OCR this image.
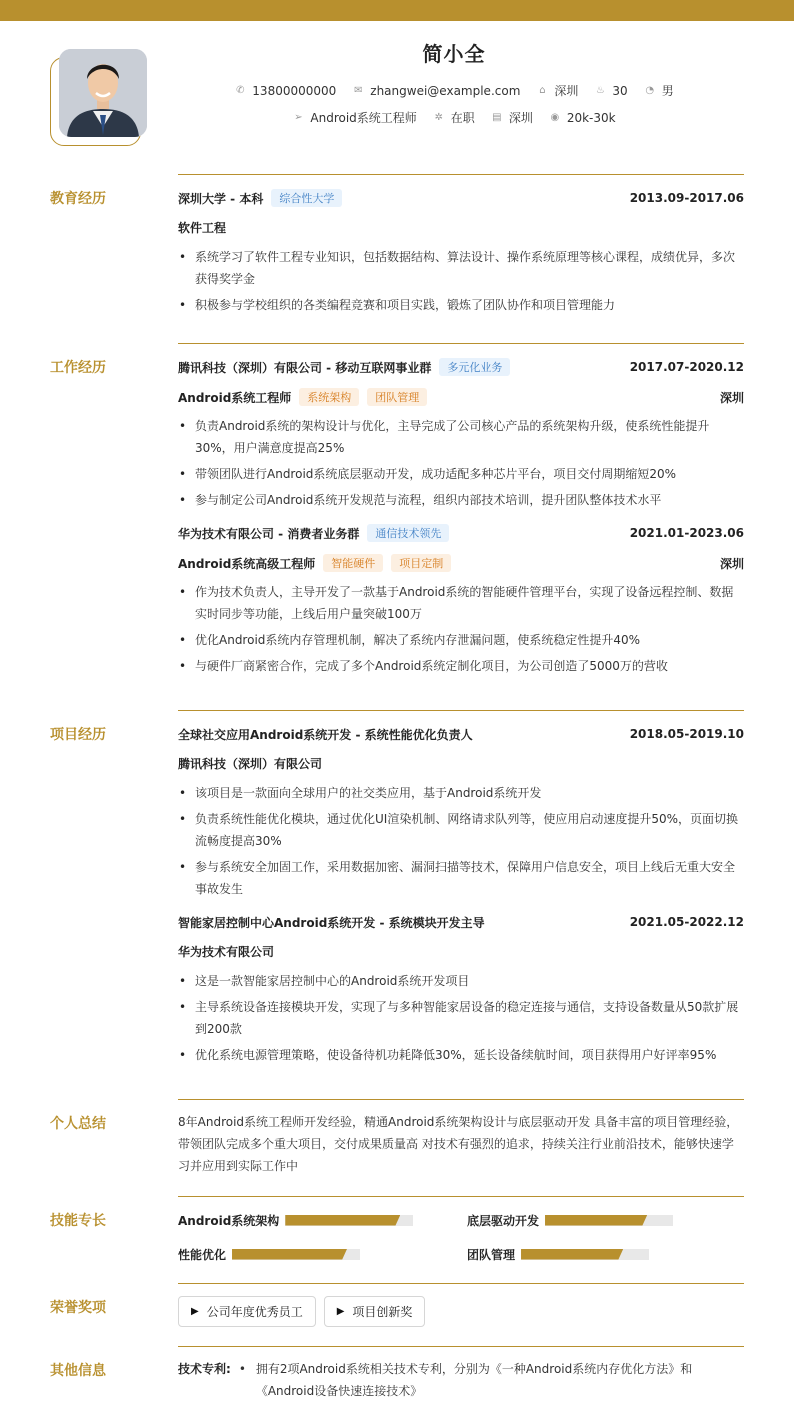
简小全
✆ 13800000000 ✉ zhangwei@example.com ⌂ 深圳 ♨ 30 ◔ 男
➢ Android系统工程师 ✲ 在职 ▤ 深圳 ◉ 20k-30k
教育经历	深圳大学 - 本科	综合性大学	2013.09-2017.06
软件工程
• 系统学习了软件工程专业知识，包括数据结构、算法设计、操作系统原理等核心课程，成绩优异，多次获得奖学金
• 积极参与学校组织的各类编程竞赛和项目实践，锻炼了团队协作和项目管理能力
工作经历	腾讯科技（深圳）有限公司 - 移动互联网事业群	多元化业务	2017.07-2020.12
Android系统工程师	系统架构	团队管理	深圳
• 负责Android系统的架构设计与优化，主导完成了公司核心产品的系统架构升级，使系统性能提升30%，用户满意度提高25%
• 带领团队进行Android系统底层驱动开发，成功适配多种芯片平台，项目交付周期缩短20%
• 参与制定公司Android系统开发规范与流程，组织内部技术培训，提升团队整体技术水平
华为技术有限公司 - 消费者业务群	通信技术领先	2021.01-2023.06
Android系统高级工程师	智能硬件	项目定制	深圳
• 作为技术负责人，主导开发了一款基于Android系统的智能硬件管理平台，实现了设备远程控制、数据实时同步等功能，上线后用户量突破100万
• 优化Android系统内存管理机制，解决了系统内存泄漏问题，使系统稳定性提升40%
• 与硬件厂商紧密合作，完成了多个Android系统定制化项目，为公司创造了5000万的营收
项目经历	全球社交应用Android系统开发 - 系统性能优化负责人	2018.05-2019.10
腾讯科技（深圳）有限公司
• 该项目是一款面向全球用户的社交类应用，基于Android系统开发
• 负责系统性能优化模块，通过优化UI渲染机制、网络请求队列等，使应用启动速度提升50%，页面切换流畅度提高30%
• 参与系统安全加固工作，采用数据加密、漏洞扫描等技术，保障用户信息安全，项目上线后无重大安全事故发生
智能家居控制中心Android系统开发 - 系统模块开发主导	2021.05-2022.12
华为技术有限公司
• 这是一款智能家居控制中心的Android系统开发项目
• 主导系统设备连接模块开发，实现了与多种智能家居设备的稳定连接与通信，支持设备数量从50款扩展到200款
• 优化系统电源管理策略，使设备待机功耗降低30%，延长设备续航时间，项目获得用户好评率95%
个人总结	8年Android系统工程师开发经验，精通Android系统架构设计与底层驱动开发 具备丰富的项目管理经验，带领团队完成多个重大项目，交付成果质量高 对技术有强烈的追求，持续关注行业前沿技术，能够快速学习并应用到实际工作中
技能专长	Android系统架构	底层驱动开发
性能优化	团队管理
荣誉奖项	▶ 公司年度优秀员工	▶ 项目创新奖
其他信息	技术专利:
•	拥有2项Android系统相关技术专利，分别为《一种Android系统内存优化方法》和《Android设备快速连接技术》
